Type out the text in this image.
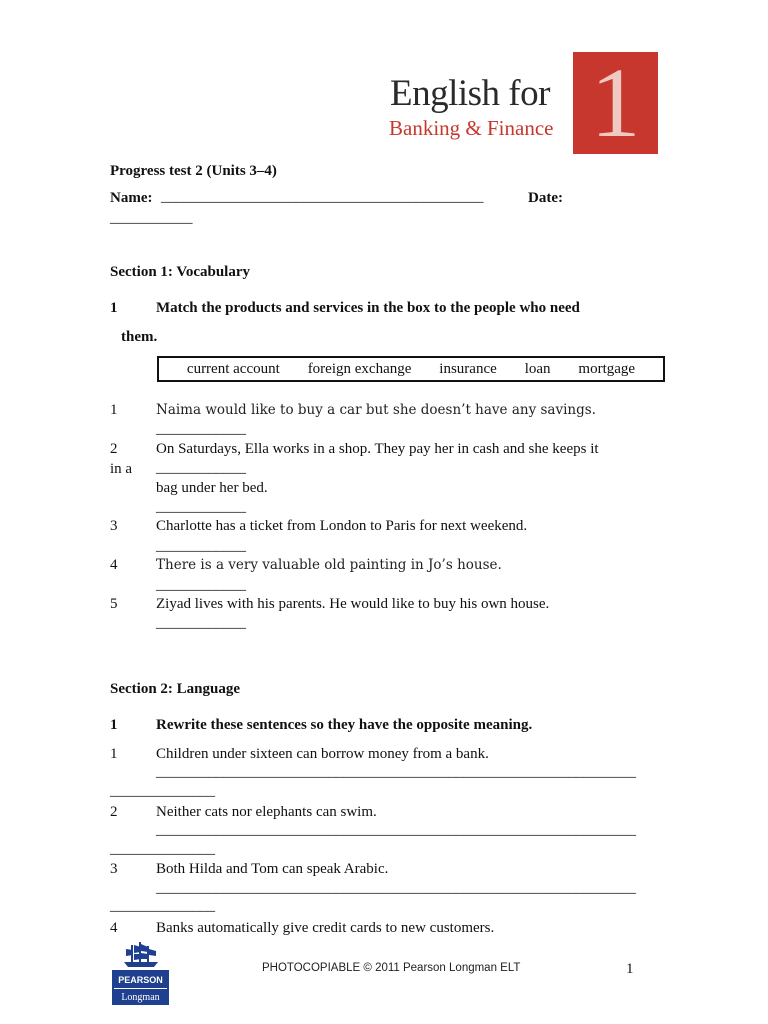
English for
Banking & Finance 1
Progress test 2 (Units 3–4)
Name: ___________________________________________	Date:
___________
Section 1: Vocabulary
1	Match the products and services in the box to the people who need
them.
current account foreign exchange insurance loan mortgage
1	Naima would like to buy a car but she doesn’t have any savings.
____________
2	On Saturdays, Ella works in a shop. They pay her in cash and she keeps it
in a ____________
bag under her bed.
____________
3	Charlotte has a ticket from London to Paris for next weekend.
____________
4	There is a very valuable old painting in Jo’s house.
____________
5	Ziyad lives with his parents. He would like to buy his own house.
____________
Section 2: Language
1	Rewrite these sentences so they have the opposite meaning.
1	Children under sixteen can borrow money from a bank.
________________________________________________________________
______________
2	Neither cats nor elephants can swim.
________________________________________________________________
______________
3	Both Hilda and Tom can speak Arabic.
________________________________________________________________
______________
4	Banks automatically give credit cards to new customers.
PEARSON
Longman
PHOTOCOPIABLE © 2011 Pearson Longman ELT	1
